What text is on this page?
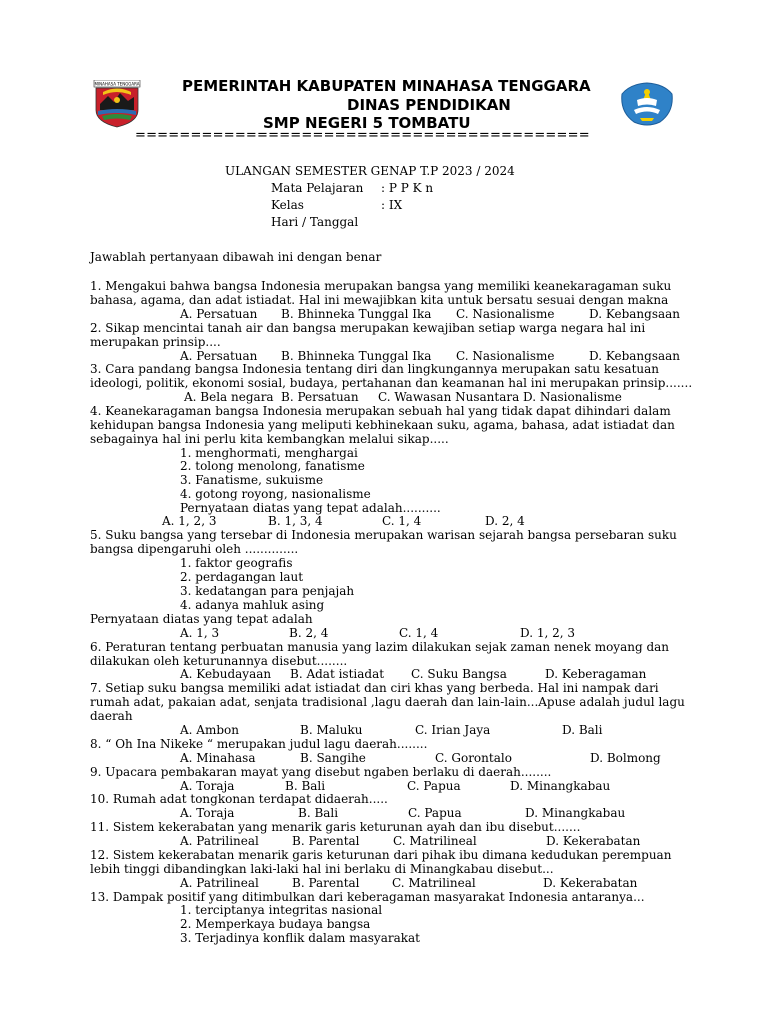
MINAHASA TENGGARA	PEMERINTAH KABUPATEN MINAHASA TENGGARA
DINAS PENDIDIKAN
SMP NEGERI 5 TOMBATU
=========================================
ULANGAN SEMESTER GENAP T.P 2023 / 2024
Mata Pelajaran : P P K n
Kelas	: IX
Hari / Tanggal
Jawablah pertanyaan dibawah ini dengan benar
1. Mengakui bahwa bangsa Indonesia merupakan bangsa yang memiliki keanekaragaman suku
bahasa, agama, dan adat istiadat. Hal ini mewajibkan kita untuk bersatu sesuai dengan makna
A. Persatuan B. Bhinneka Tunggal Ika C. Nasionalisme	D. Kebangsaan
2. Sikap mencintai tanah air dan bangsa merupakan kewajiban setiap warga negara hal ini
merupakan prinsip....
A. Persatuan B. Bhinneka Tunggal Ika C. Nasionalisme	D. Kebangsaan
3. Cara pandang bangsa Indonesia tentang diri dan lingkungannya merupakan satu kesatuan
ideologi, politik, ekonomi sosial, budaya, pertahanan dan keamanan hal ini merupakan prinsip.......
A. Bela negara B. Persatuan C. Wawasan Nusantara D. Nasionalisme
4. Keanekaragaman bangsa Indonesia merupakan sebuah hal yang tidak dapat dihindari dalam
kehidupan bangsa Indonesia yang meliputi kebhinekaan suku, agama, bahasa, adat istiadat dan
sebagainya hal ini perlu kita kembangkan melalui sikap.....
1. menghormati, menghargai
2. tolong menolong, fanatisme
3. Fanatisme, sukuisme
4. gotong royong, nasionalisme
Pernyataan diatas yang tepat adalah..........
A. 1, 2, 3	B. 1, 3, 4	C. 1, 4	D. 2, 4
5. Suku bangsa yang tersebar di Indonesia merupakan warisan sejarah bangsa persebaran suku
bangsa dipengaruhi oleh ..............
1. faktor geografis
2. perdagangan laut
3. kedatangan para penjajah
4. adanya mahluk asing
Pernyataan diatas yang tepat adalah
A. 1, 3	B. 2, 4	C. 1, 4	D. 1, 2, 3
6. Peraturan tentang perbuatan manusia yang lazim dilakukan sejak zaman nenek moyang dan
dilakukan oleh keturunannya disebut........
A. Kebudayaan B. Adat istiadat C. Suku Bangsa	D. Keberagaman
7. Setiap suku bangsa memiliki adat istiadat dan ciri khas yang berbeda. Hal ini nampak dari
rumah adat, pakaian adat, senjata tradisional ,lagu daerah dan lain-lain...Apuse adalah judul lagu
daerah
A. Ambon	B. Maluku	C. Irian Jaya	D. Bali
8. “ Oh Ina Nikeke “ merupakan judul lagu daerah........
A. Minahasa	B. Sangihe	C. Gorontalo	D. Bolmong
9. Upacara pembakaran mayat yang disebut ngaben berlaku di daerah........
A. Toraja	B. Bali	C. Papua	D. Minangkabau
10. Rumah adat tongkonan terdapat didaerah.....
A. Toraja	B. Bali	C. Papua	D. Minangkabau
11. Sistem kekerabatan yang menarik garis keturunan ayah dan ibu disebut.......
A. Patrilineal	B. Parental	C. Matrilineal	D. Kekerabatan
12. Sistem kekerabatan menarik garis keturunan dari pihak ibu dimana kedudukan perempuan
lebih tinggi dibandingkan laki-laki hal ini berlaku di Minangkabau disebut...
A. Patrilineal	B. Parental	C. Matrilineal	D. Kekerabatan
13. Dampak positif yang ditimbulkan dari keberagaman masyarakat Indonesia antaranya...
1. terciptanya integritas nasional
2. Memperkaya budaya bangsa
3. Terjadinya konflik dalam masyarakat
